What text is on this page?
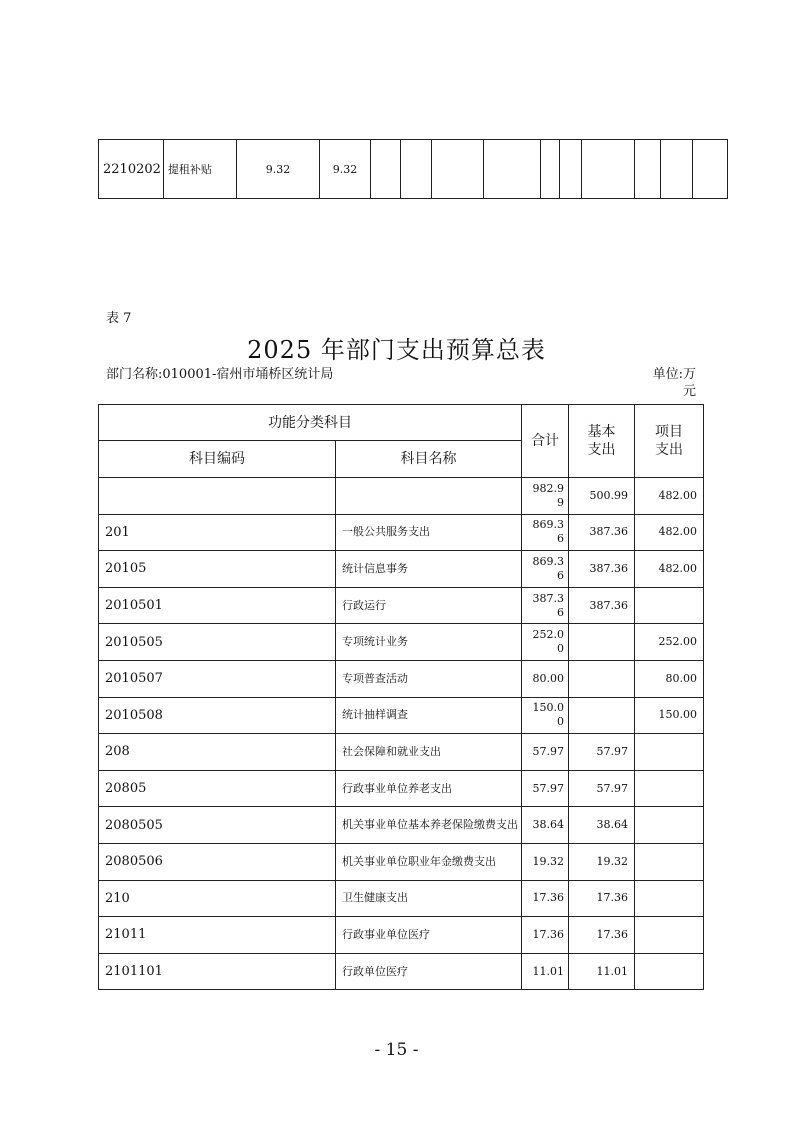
2210202	提租补贴	9.32	9.32										
表 7
2025 年部门支出预算总表
部门名称:010001-宿州市埇桥区统计局	单位:万元
功能分类科目		合计	基本支出	项目支出
科目编码	科目名称			
		982.99	500.99	482.00
201	一般公共服务支出	869.36	387.36	482.00
20105	统计信息事务	869.36	387.36	482.00
2010501	行政运行	387.36	387.36	
2010505	专项统计业务	252.00		252.00
2010507	专项普查活动	80.00		80.00
2010508	统计抽样调查	150.00		150.00
208	社会保障和就业支出	57.97	57.97	
20805	行政事业单位养老支出	57.97	57.97	
2080505	机关事业单位基本养老保险缴费支出	38.64	38.64	
2080506	机关事业单位职业年金缴费支出	19.32	19.32	
210	卫生健康支出	17.36	17.36	
21011	行政事业单位医疗	17.36	17.36	
2101101	行政单位医疗	11.01	11.01	
- 15 -
